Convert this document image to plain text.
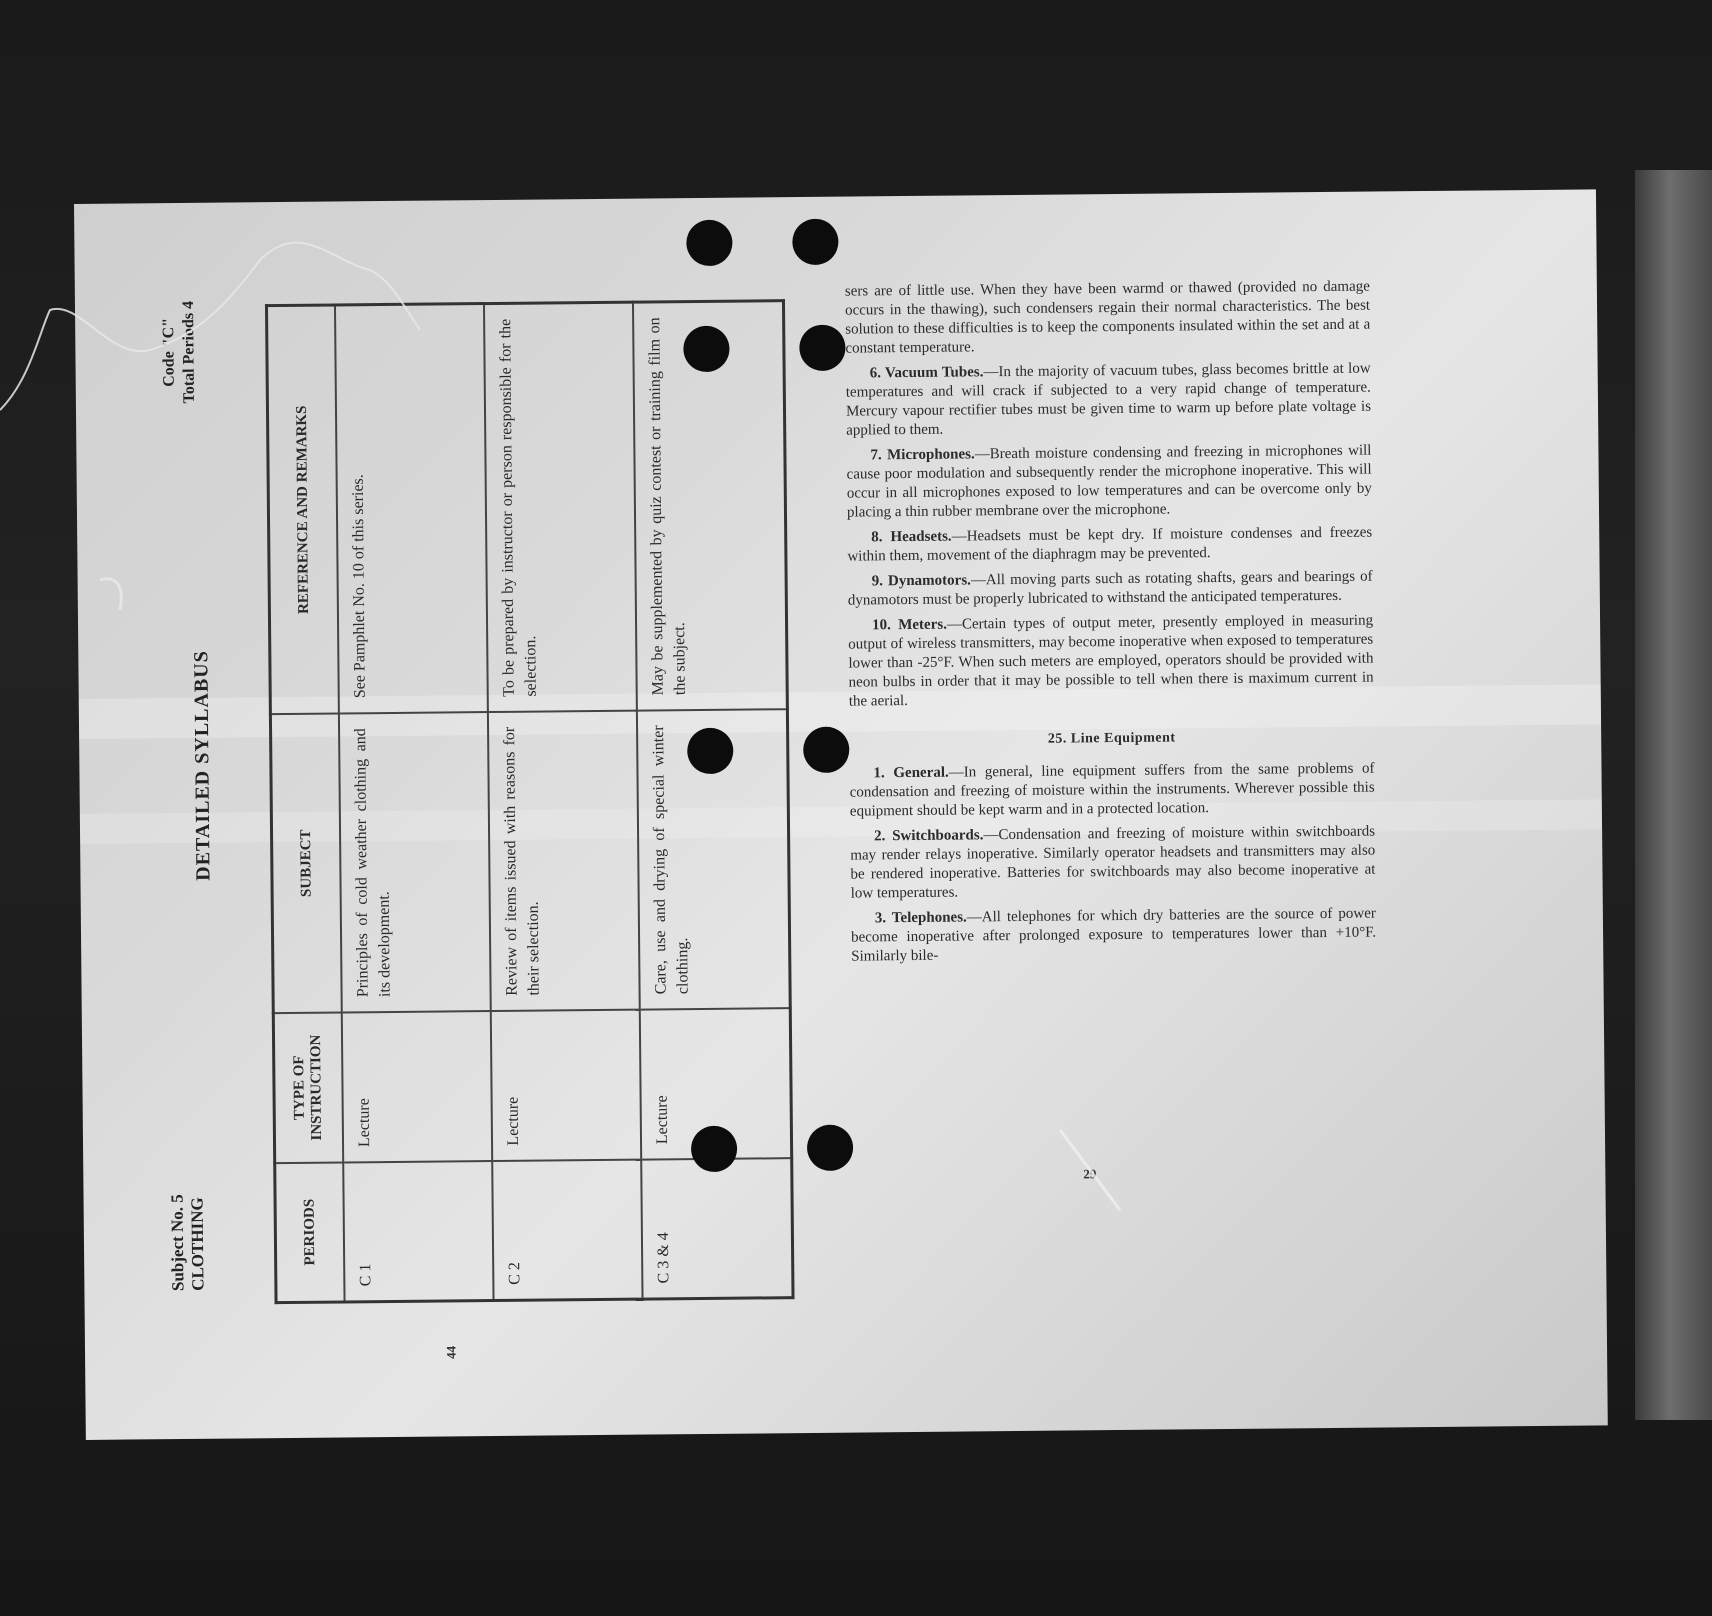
Subject No. 5 CLOTHING
DETAILED SYLLABUS
Code "C" Total Periods 4
PERIODS	TYPE OF INSTRUCTION	SUBJECT	REFERENCE AND REMARKS
C 1	Lecture	Principles of cold weather clothing and its development.	See Pamphlet No. 10 of this series.
C 2	Lecture	Review of items issued with reasons for their selection.	To be prepared by instructor or person responsible for the selection.
C 3 & 4	Lecture	Care, use and drying of special winter clothing.	May be supplemented by quiz contest or training film on the subject.
44

sers are of little use. When they have been warmd or thawed (provided no damage occurs in the thawing), such condensers regain their normal characteristics. The best solution to these difficulties is to keep the components insulated within the set and at a constant temperature.

6. Vacuum Tubes.—In the majority of vacuum tubes, glass becomes brittle at low temperatures and will crack if subjected to a very rapid change of temperature. Mercury vapour rectifier tubes must be given time to warm up before plate voltage is applied to them.

7. Microphones.—Breath moisture condensing and freezing in microphones will cause poor modulation and subsequently render the microphone inoperative. This will occur in all microphones exposed to low temperatures and can be overcome only by placing a thin rubber membrane over the microphone.

8. Headsets.—Headsets must be kept dry. If moisture condenses and freezes within them, movement of the diaphragm may be prevented.

9. Dynamotors.—All moving parts such as rotating shafts, gears and bearings of dynamotors must be properly lubricated to withstand the anticipated temperatures.

10. Meters.—Certain types of output meter, presently employed in measuring output of wireless transmitters, may become inoperative when exposed to temperatures lower than -25°F. When such meters are employed, operators should be provided with neon bulbs in order that it may be possible to tell when there is maximum current in the aerial.

25. Line Equipment

1. General.—In general, line equipment suffers from the same problems of condensation and freezing of moisture within the instruments. Wherever possible this equipment should be kept warm and in a protected location.

2. Switchboards.—Condensation and freezing of moisture within switchboards may render relays inoperative. Similarly operator headsets and transmitters may also be rendered inoperative. Batteries for switchboards may also become inoperative at low temperatures.

3. Telephones.—All telephones for which dry batteries are the source of power become inoperative after prolonged exposure to temperatures lower than +10°F. Similarly bile-

29
